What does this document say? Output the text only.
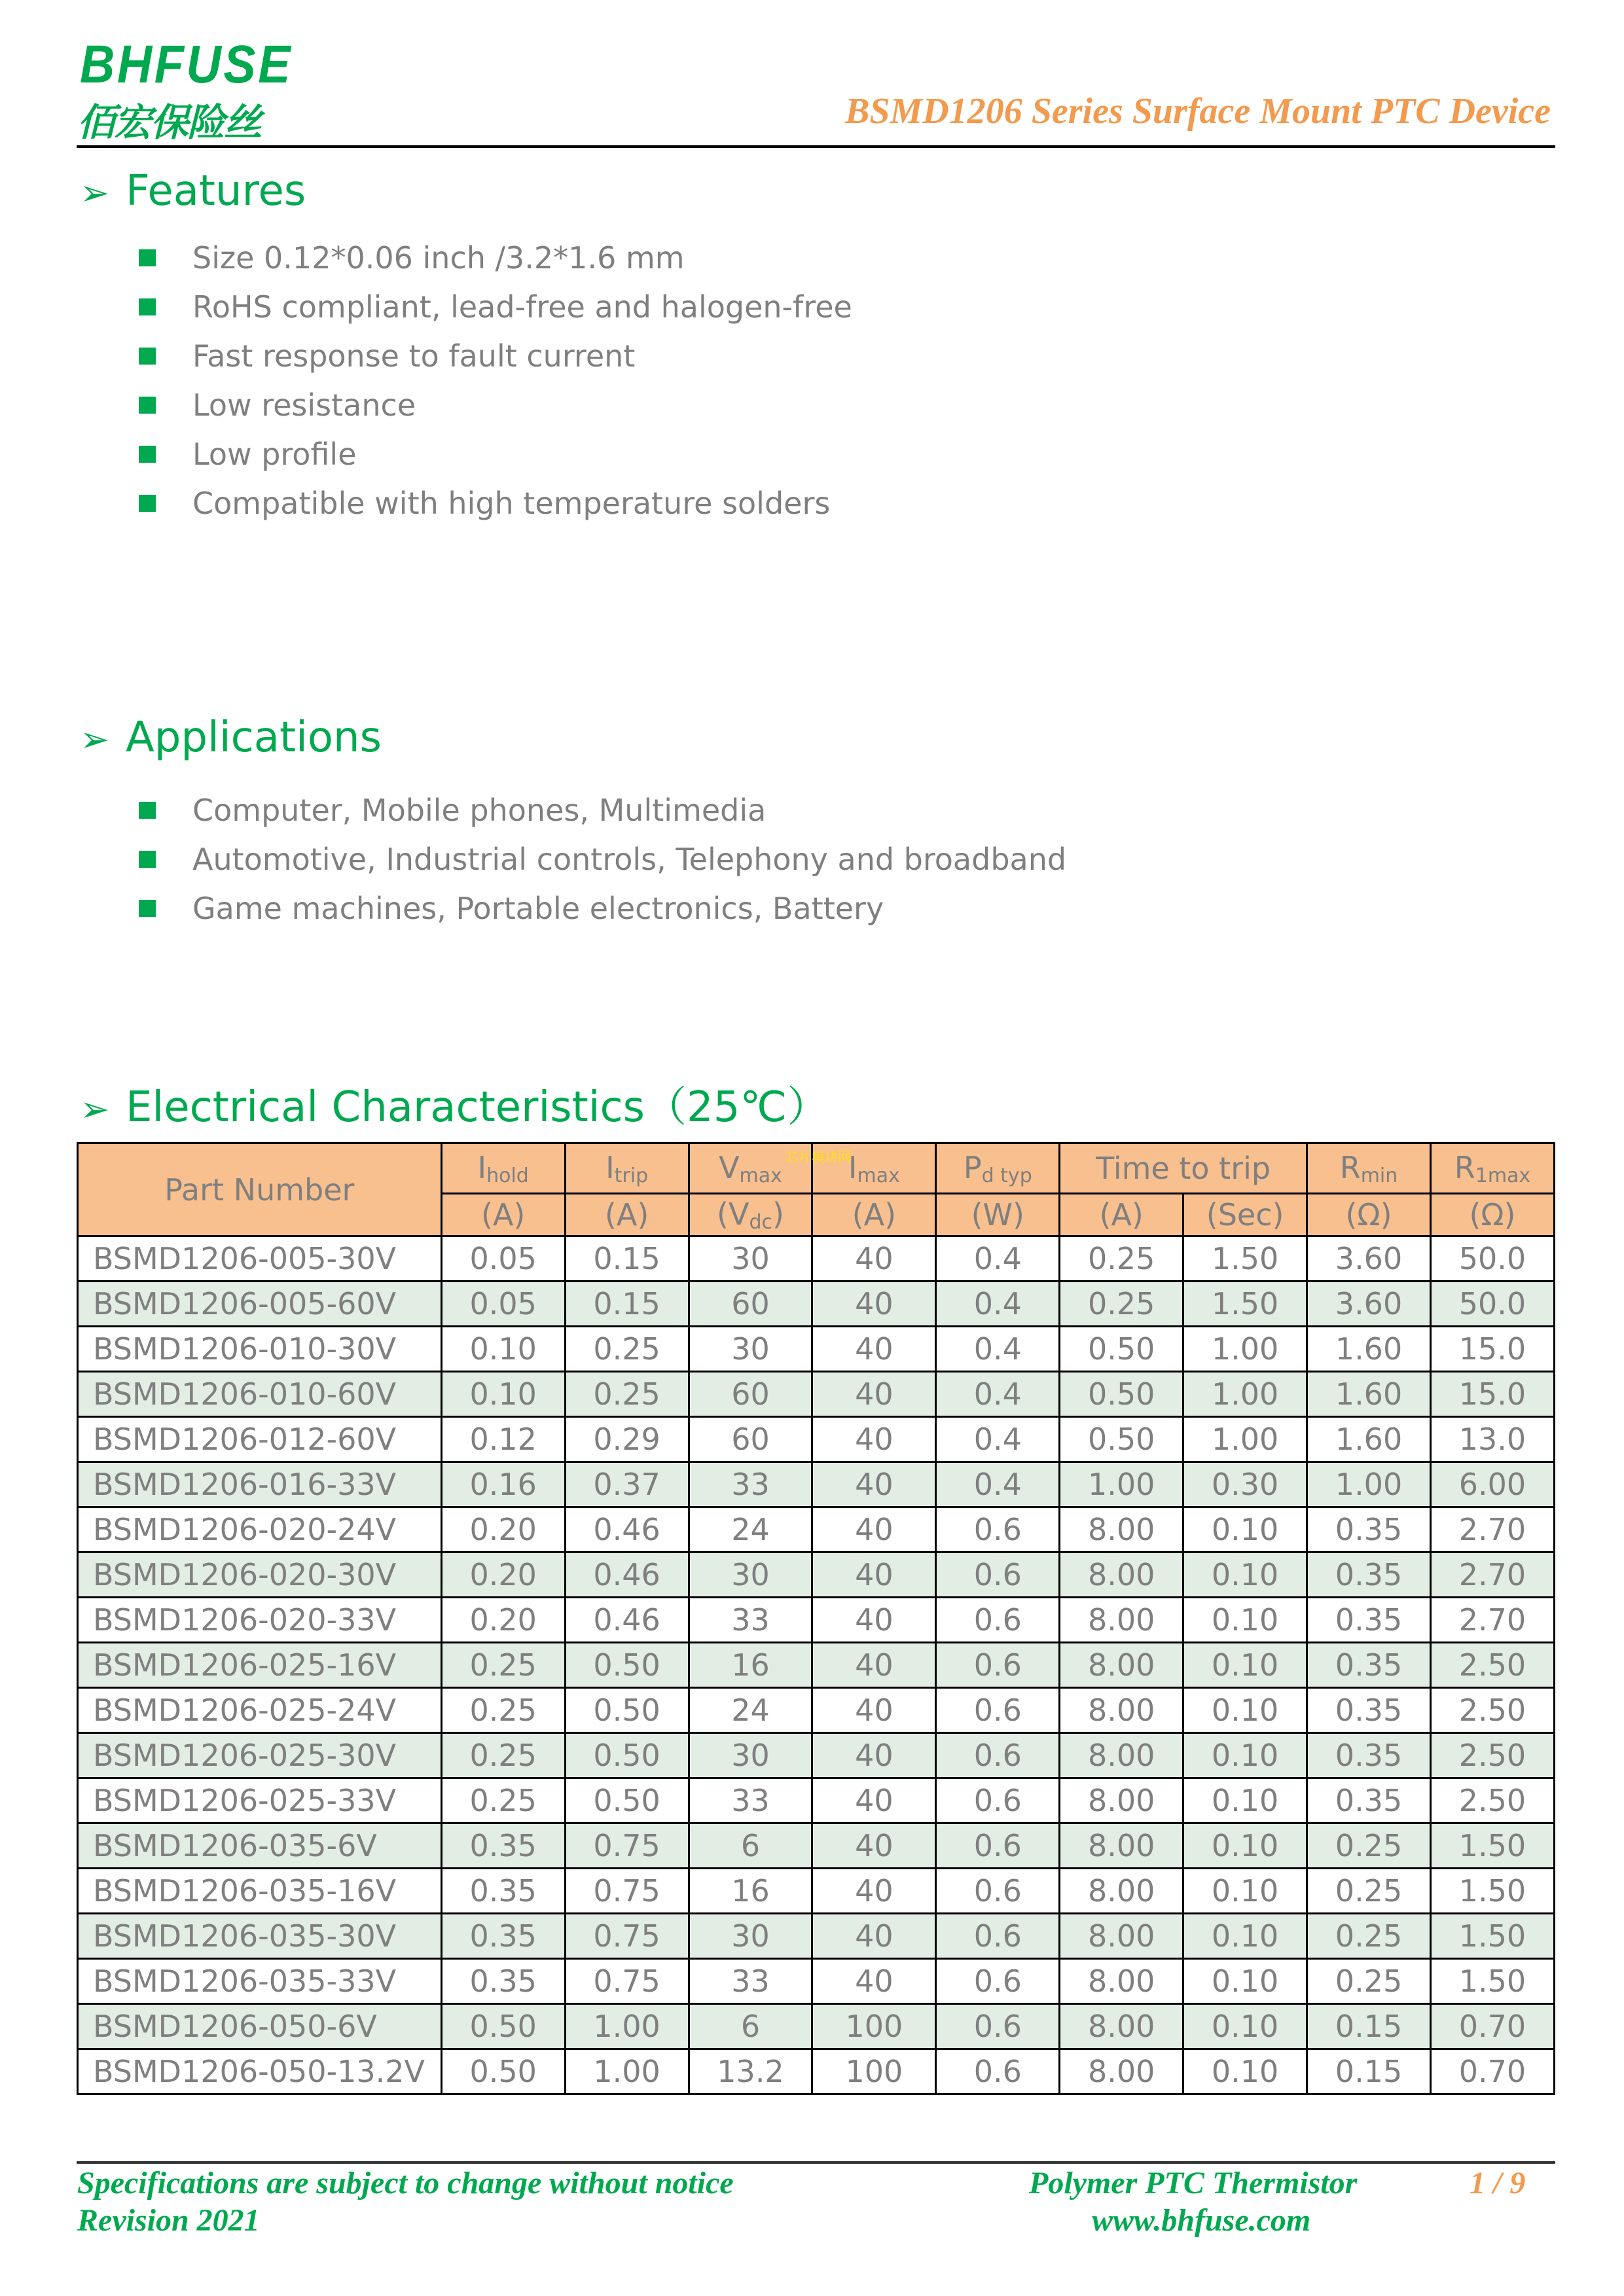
BHFUSE
佰宏保险丝	BSMD1206 Series Surface Mount PTC Device
➢ Features
Size 0.12*0.06 inch /3.2*1.6 mm
RoHS compliant, lead-free and halogen-free
Fast response to fault current
Low resistance
Low profile
Compatible with high temperature solders
➢ Applications
Computer, Mobile phones, Multimedia
Automotive, Industrial controls, Telephony and broadband
Game machines, Portable electronics, Battery
➢ Electrical Characteristics（25℃）
Part Number	$I_{hold}$	$I_{trip}$	$V_{max}$	$I_{max}$	$P_{d typ}$	Time to trip		$R_{min}$	$R_{1max}$
	(A)	(A)	$(V_{dc})$	(A)	(W)	(A)	(Sec)	(Ω)	(Ω)
BSMD1206-005-30V	0.05	0.15	30	40	0.4	0.25	1.50	3.60	50.0
BSMD1206-005-60V	0.05	0.15	60	40	0.4	0.25	1.50	3.60	50.0
BSMD1206-010-30V	0.10	0.25	30	40	0.4	0.50	1.00	1.60	15.0
BSMD1206-010-60V	0.10	0.25	60	40	0.4	0.50	1.00	1.60	15.0
BSMD1206-012-60V	0.12	0.29	60	40	0.4	0.50	1.00	1.60	13.0
BSMD1206-016-33V	0.16	0.37	33	40	0.4	1.00	0.30	1.00	6.00
BSMD1206-020-24V	0.20	0.46	24	40	0.6	8.00	0.10	0.35	2.70
BSMD1206-020-30V	0.20	0.46	30	40	0.6	8.00	0.10	0.35	2.70
BSMD1206-020-33V	0.20	0.46	33	40	0.6	8.00	0.10	0.35	2.70
BSMD1206-025-16V	0.25	0.50	16	40	0.6	8.00	0.10	0.35	2.50
BSMD1206-025-24V	0.25	0.50	24	40	0.6	8.00	0.10	0.35	2.50
BSMD1206-025-30V	0.25	0.50	30	40	0.6	8.00	0.10	0.35	2.50
BSMD1206-025-33V	0.25	0.50	33	40	0.6	8.00	0.10	0.35	2.50
BSMD1206-035-6V	0.35	0.75	6	40	0.6	8.00	0.10	0.25	1.50
BSMD1206-035-16V	0.35	0.75	16	40	0.6	8.00	0.10	0.25	1.50
BSMD1206-035-30V	0.35	0.75	30	40	0.6	8.00	0.10	0.25	1.50
BSMD1206-035-33V	0.35	0.75	33	40	0.6	8.00	0.10	0.25	1.50
BSMD1206-050-6V	0.50	1.00	6	100	0.6	8.00	0.10	0.15	0.70
BSMD1206-050-13.2V	0.50	1.00	13.2	100	0.6	8.00	0.10	0.15	0.70
芯片模块网
Specifications are subject to change without notice
Revision 2021
Polymer PTC Thermistor
www.bhfuse.com
1 / 9
